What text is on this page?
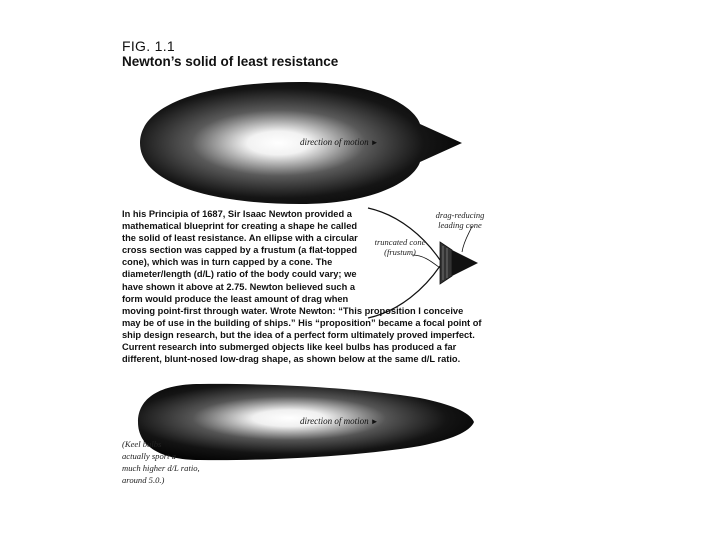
FIG. 1.1
Newton’s solid of least resistance
direction of motion ►
direction of motion ►
In his Principia of 1687, Sir Isaac Newton provided a
mathematical blueprint for creating a shape he called
the solid of least resistance. An ellipse with a circular
cross section was capped by a frustum (a flat-topped
cone), which was in turn capped by a cone. The
diameter/length (d/L) ratio of the body could vary; we
have shown it above at 2.75. Newton believed such a
form would produce the least amount of drag when
moving point-first through water. Wrote Newton: “This proposition I conceive
may be of use in the building of ships.” His “proposition” became a focal point of
ship design research, but the idea of a perfect form ultimately proved imperfect.
Current research into submerged objects like keel bulbs has produced a far
different, blunt-nosed low-drag shape, as shown below at the same d/L ratio.
drag-reducing
leading cone
truncated cone
(frustum)
(Keel bulbs
actually sport a
much higher d/L ratio,
around 5.0.)
